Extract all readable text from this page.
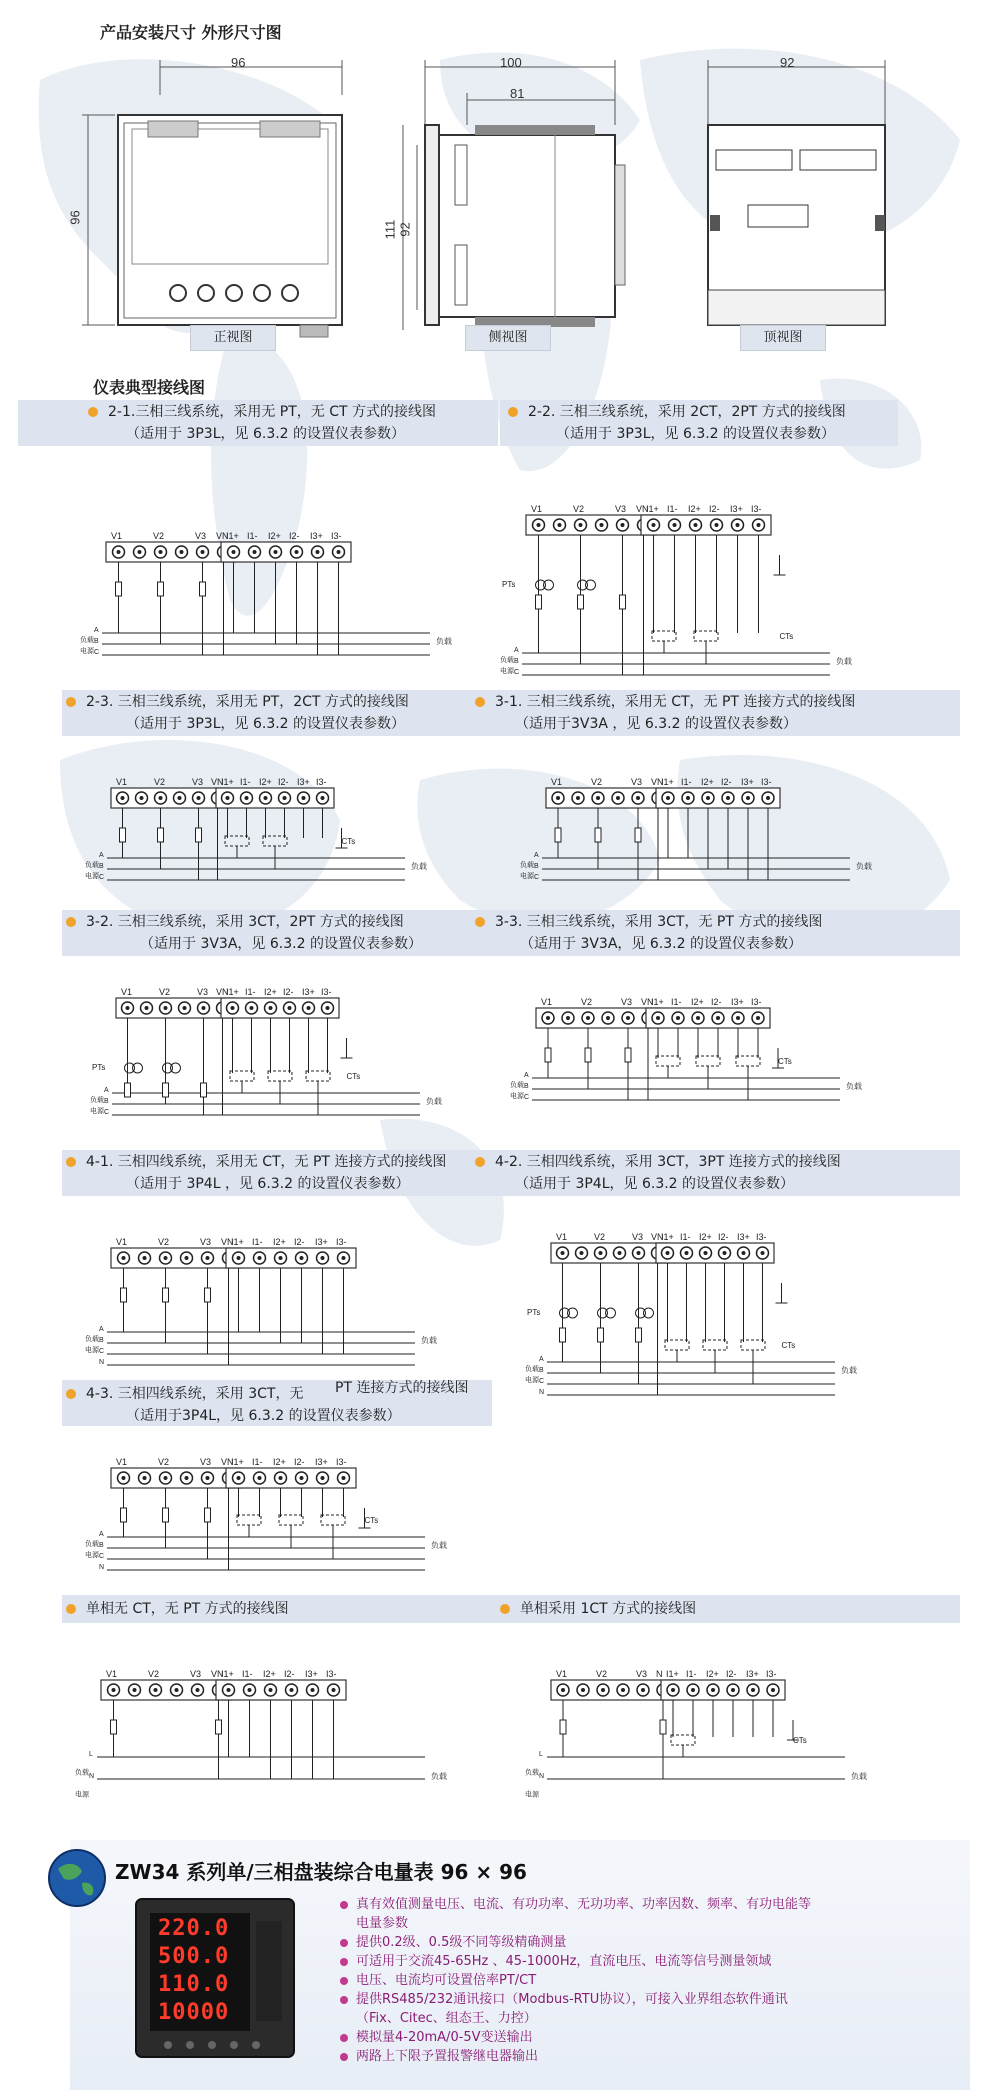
产品安装尺寸 外形尺寸图
96
96
正视图
100
81
111 92
侧视图
92
顶视图
仪表典型接线图
2-1.三相三线系统，采用无 PT，无 CT 方式的接线图
（适用于 3P3L，见 6.3.2 的设置仪表参数）
2-2. 三相三线系统，采用 2CT，2PT 方式的接线图
（适用于 3P3L，见 6.3.2 的设置仪表参数）
2-3. 三相三线系统，采用无 PT，2CT 方式的接线图
（适用于 3P3L，见 6.3.2 的设置仪表参数）
3-1. 三相三线系统，采用无 CT，无 PT 连接方式的接线图
（适用于3V3A ，见 6.3.2 的设置仪表参数）
3-2. 三相三线系统，采用 3CT，2PT 方式的接线图
（适用于 3V3A，见 6.3.2 的设置仪表参数）
3-3. 三相三线系统，采用 3CT，无 PT 方式的接线图
（适用于 3V3A，见 6.3.2 的设置仪表参数）
4-1. 三相四线系统，采用无 CT，无 PT 连接方式的接线图
（适用于 3P4L ，见 6.3.2 的设置仪表参数）
4-2. 三相四线系统，采用 3CT，3PT 连接方式的接线图
（适用于 3P4L，见 6.3.2 的设置仪表参数）
4-3. 三相四线系统，采用 3CT，无 PT 连接方式的接线图
（适用于3P4L，见 6.3.2 的设置仪表参数）
单相无 CT，无 PT 方式的接线图	单相采用 1CT 方式的接线图
V1	V2	V3 VN
I1+ I1- I2+ I2- I3+ I3-
A
B
C
负载
电源
负载
V1	V2	V3 VN
I1+ I1- I2+ I2- I3+ I3-
A
B
C
负载
电源
负载
CTs
PTs
V1	V2	V3 VN
I1+ I1- I2+ I2- I3+ I3-
A
B
C
负载
电源
负载
CTs
V1	V2	V3 VN
I1+ I1- I2+ I2- I3+ I3-
A
B
C
负载
电源
负载
V1	V2	V3 VN
I1+ I1- I2+ I2- I3+ I3-
A
B
C
负载
电源
负载
CTs
PTs
V1	V2	V3 VN
I1+ I1- I2+ I2- I3+ I3-
A
B
C
负载
电源
负载
CTs
V1	V2	V3 VN
I1+ I1- I2+ I2- I3+ I3-
A
B
C
N
负载
电源
负载
V1	V2	V3 VN
I1+ I1- I2+ I2- I3+ I3-
A
B
C
N
负载
电源
负载
CTs
PTs
V1	V2	V3 VN
I1+ I1- I2+ I2- I3+ I3-
A
B
C
N
负载
电源
负载
CTs
V1	V2	V3 VN
I1+ I1- I2+ I2- I3+ I3-
L
N
负载
电源
负载
V1	V2	V3 N I1+ I1- I2+ I2- I3+ I3-
L
N
负载
电源
负载
CTs
ZW34 系列单/三相盘装综合电量表 96 × 96
220.0
500.0
110.0
10000
真有效值测量电压、电流、有功功率、无功功率、功率因数、频率、有功电能等
电量参数
提供0.2级、0.5级不同等级精确测量
可适用于交流45-65Hz 、45-1000Hz，直流电压、电流等信号测量领域
电压、电流均可设置倍率PT/CT
提供RS485/232通讯接口（Modbus-RTU协议），可接入业界组态软件通讯
（Fix、Citec、组态王、力控）
模拟量4-20mA/0-5V变送输出
两路上下限予置报警继电器输出
